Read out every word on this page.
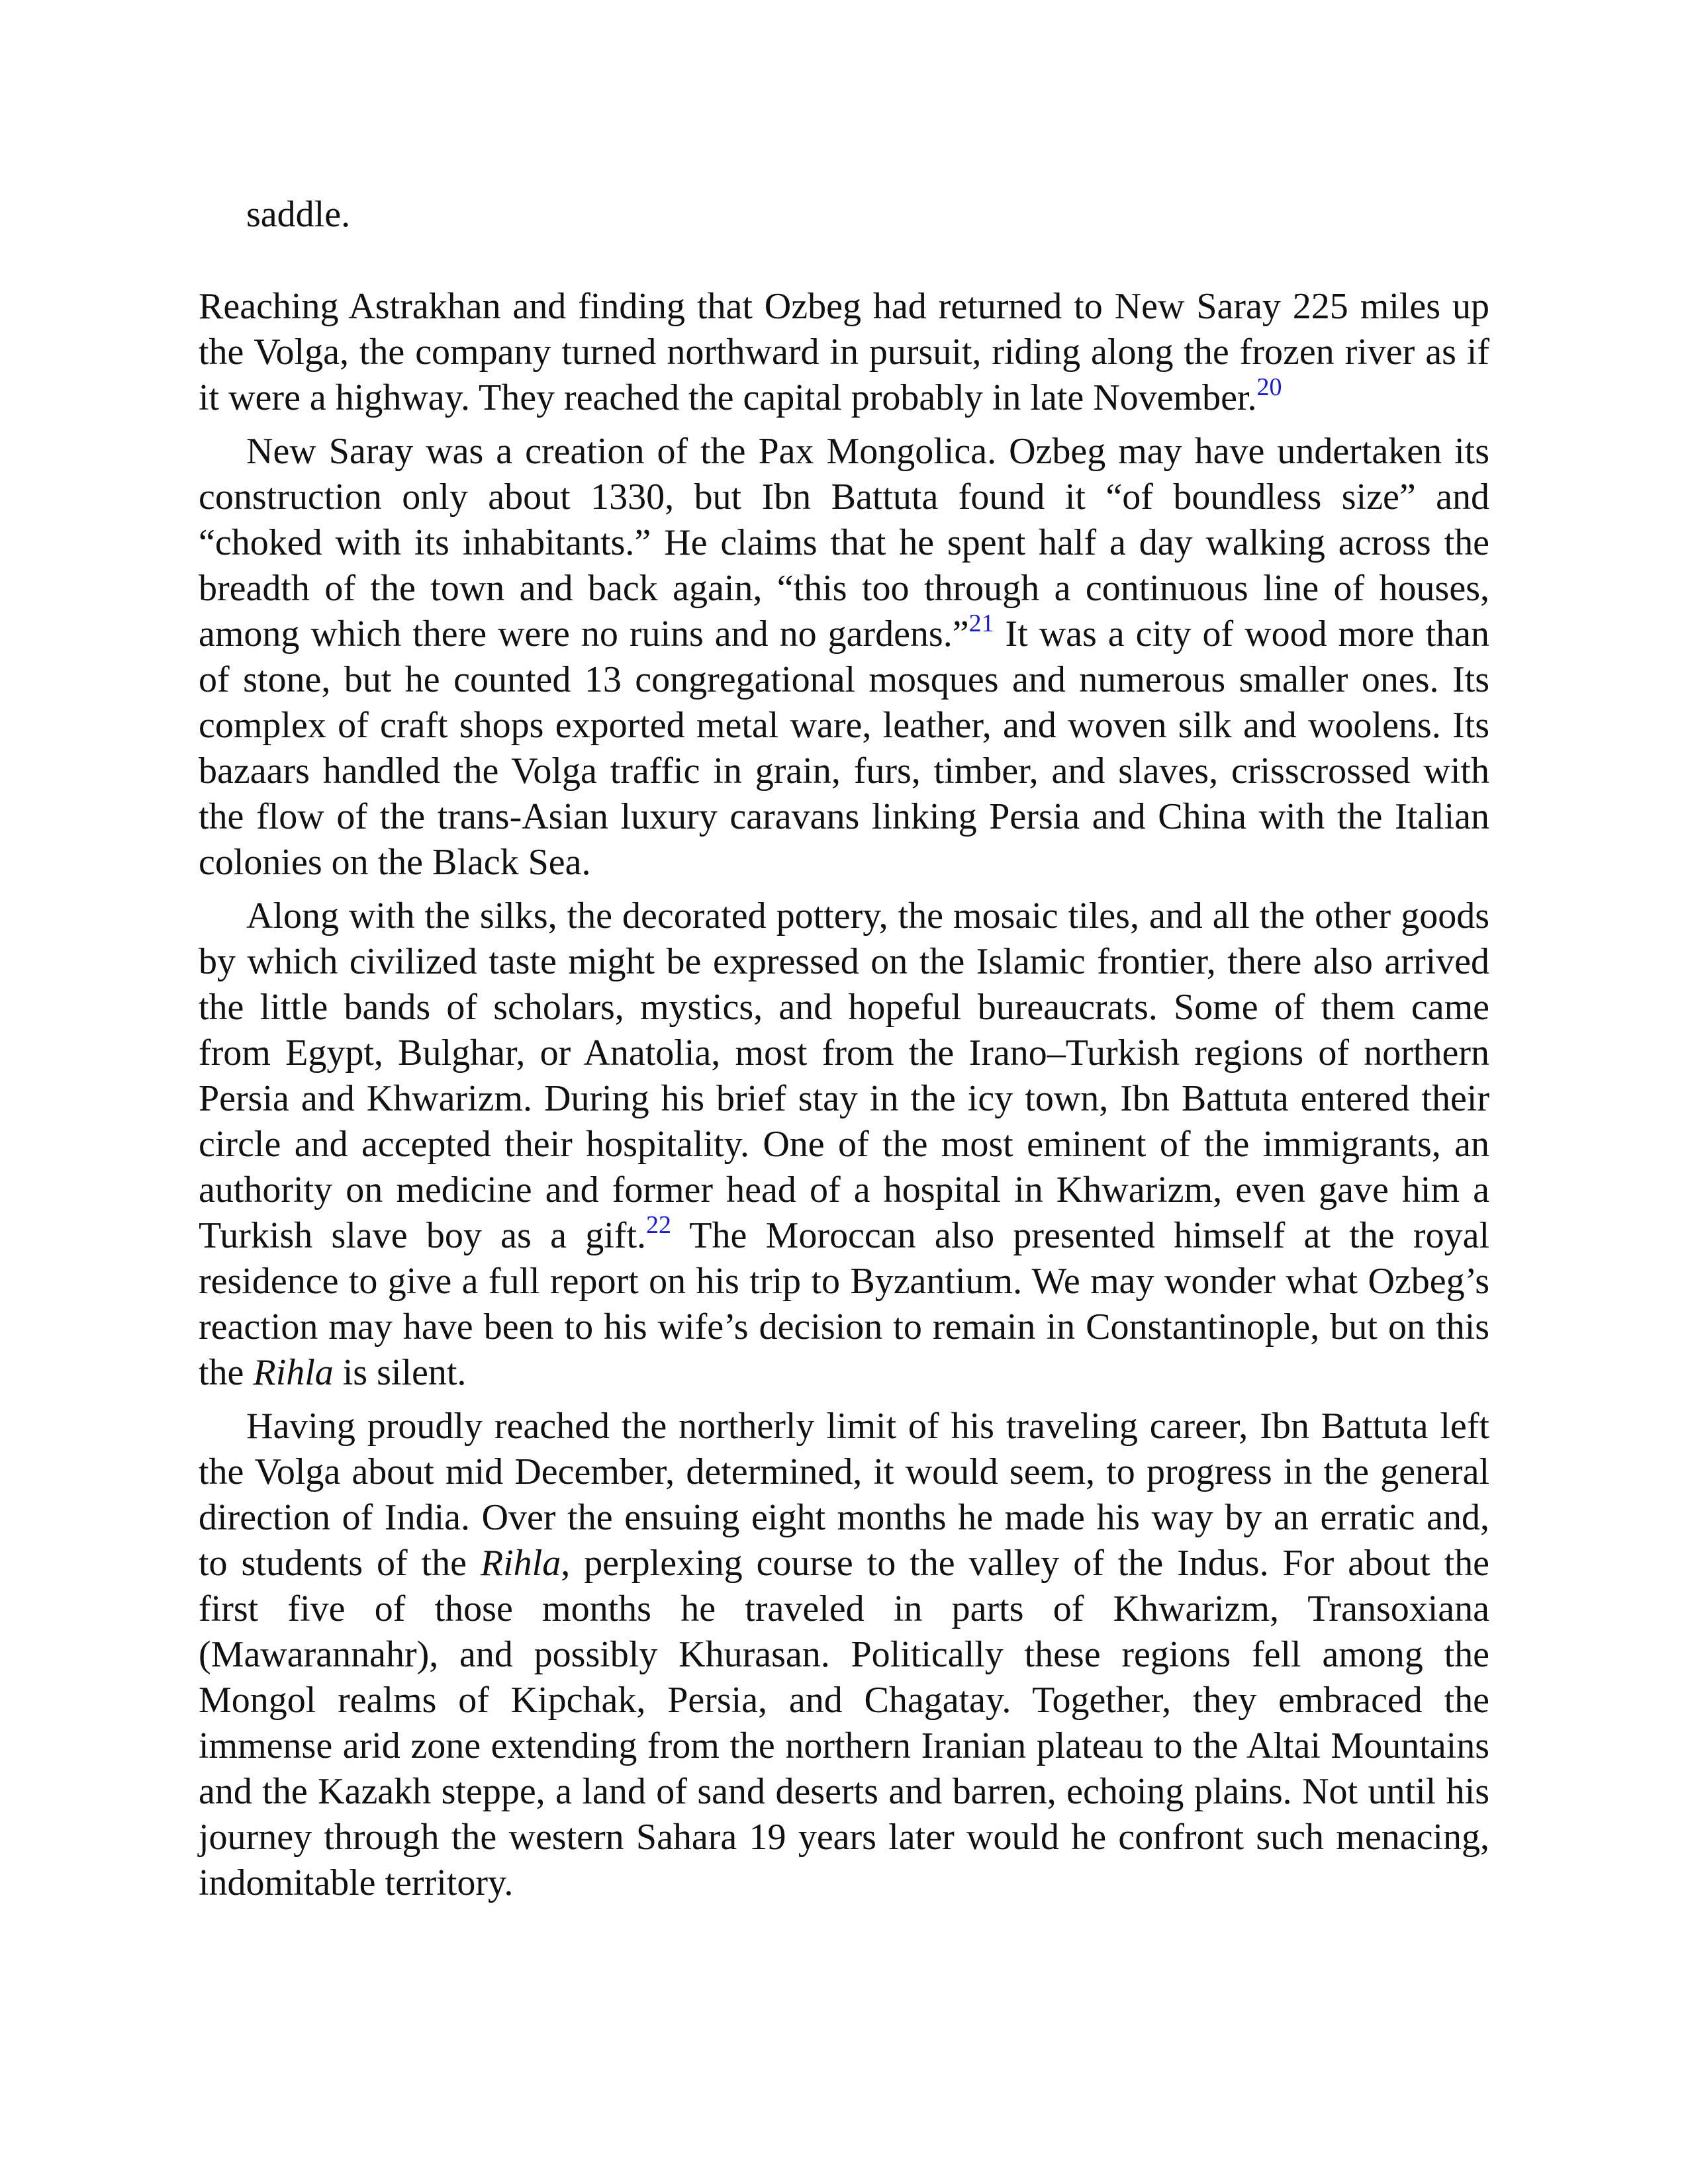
saddle.

Reaching Astrakhan and finding that Ozbeg had returned to New Saray 225 miles up the Volga, the company turned northward in pursuit, riding along the frozen river as if it were a highway. They reached the capital probably in late November.$^{20}$

New Saray was a creation of the Pax Mongolica. Ozbeg may have undertaken its construction only about 1330, but Ibn Battuta found it “of boundless size” and “choked with its inhabitants.” He claims that he spent half a day walking across the breadth of the town and back again, “this too through a continuous line of houses, among which there were no ruins and no gardens.”$^{21}$ It was a city of wood more than of stone, but he counted 13 congregational mosques and numerous smaller ones. Its complex of craft shops exported metal ware, leather, and woven silk and woolens. Its bazaars handled the Volga traffic in grain, furs, timber, and slaves, crisscrossed with the flow of the trans-Asian luxury caravans linking Persia and China with the Italian colonies on the Black Sea.

Along with the silks, the decorated pottery, the mosaic tiles, and all the other goods by which civilized taste might be expressed on the Islamic frontier, there also arrived the little bands of scholars, mystics, and hopeful bureaucrats. Some of them came from Egypt, Bulghar, or Anatolia, most from the Irano–Turkish regions of northern Persia and Khwarizm. During his brief stay in the icy town, Ibn Battuta entered their circle and accepted their hospitality. One of the most eminent of the immigrants, an authority on medicine and former head of a hospital in Khwarizm, even gave him a Turkish slave boy as a gift.$^{22}$ The Moroccan also presented himself at the royal residence to give a full report on his trip to Byzantium. We may wonder what Ozbeg’s reaction may have been to his wife’s decision to remain in Constantinople, but on this the Rihla is silent.

Having proudly reached the northerly limit of his traveling career, Ibn Battuta left the Volga about mid December, determined, it would seem, to progress in the general direction of India. Over the ensuing eight months he made his way by an erratic and, to students of the Rihla, perplexing course to the valley of the Indus. For about the first five of those months he traveled in parts of Khwarizm, Transoxiana (Mawarannahr), and possibly Khurasan. Politically these regions fell among the Mongol realms of Kipchak, Persia, and Chagatay. Together, they embraced the immense arid zone extending from the northern Iranian plateau to the Altai Mountains and the Kazakh steppe, a land of sand deserts and barren, echoing plains. Not until his journey through the western Sahara 19 years later would he confront such menacing, indomitable territory.
